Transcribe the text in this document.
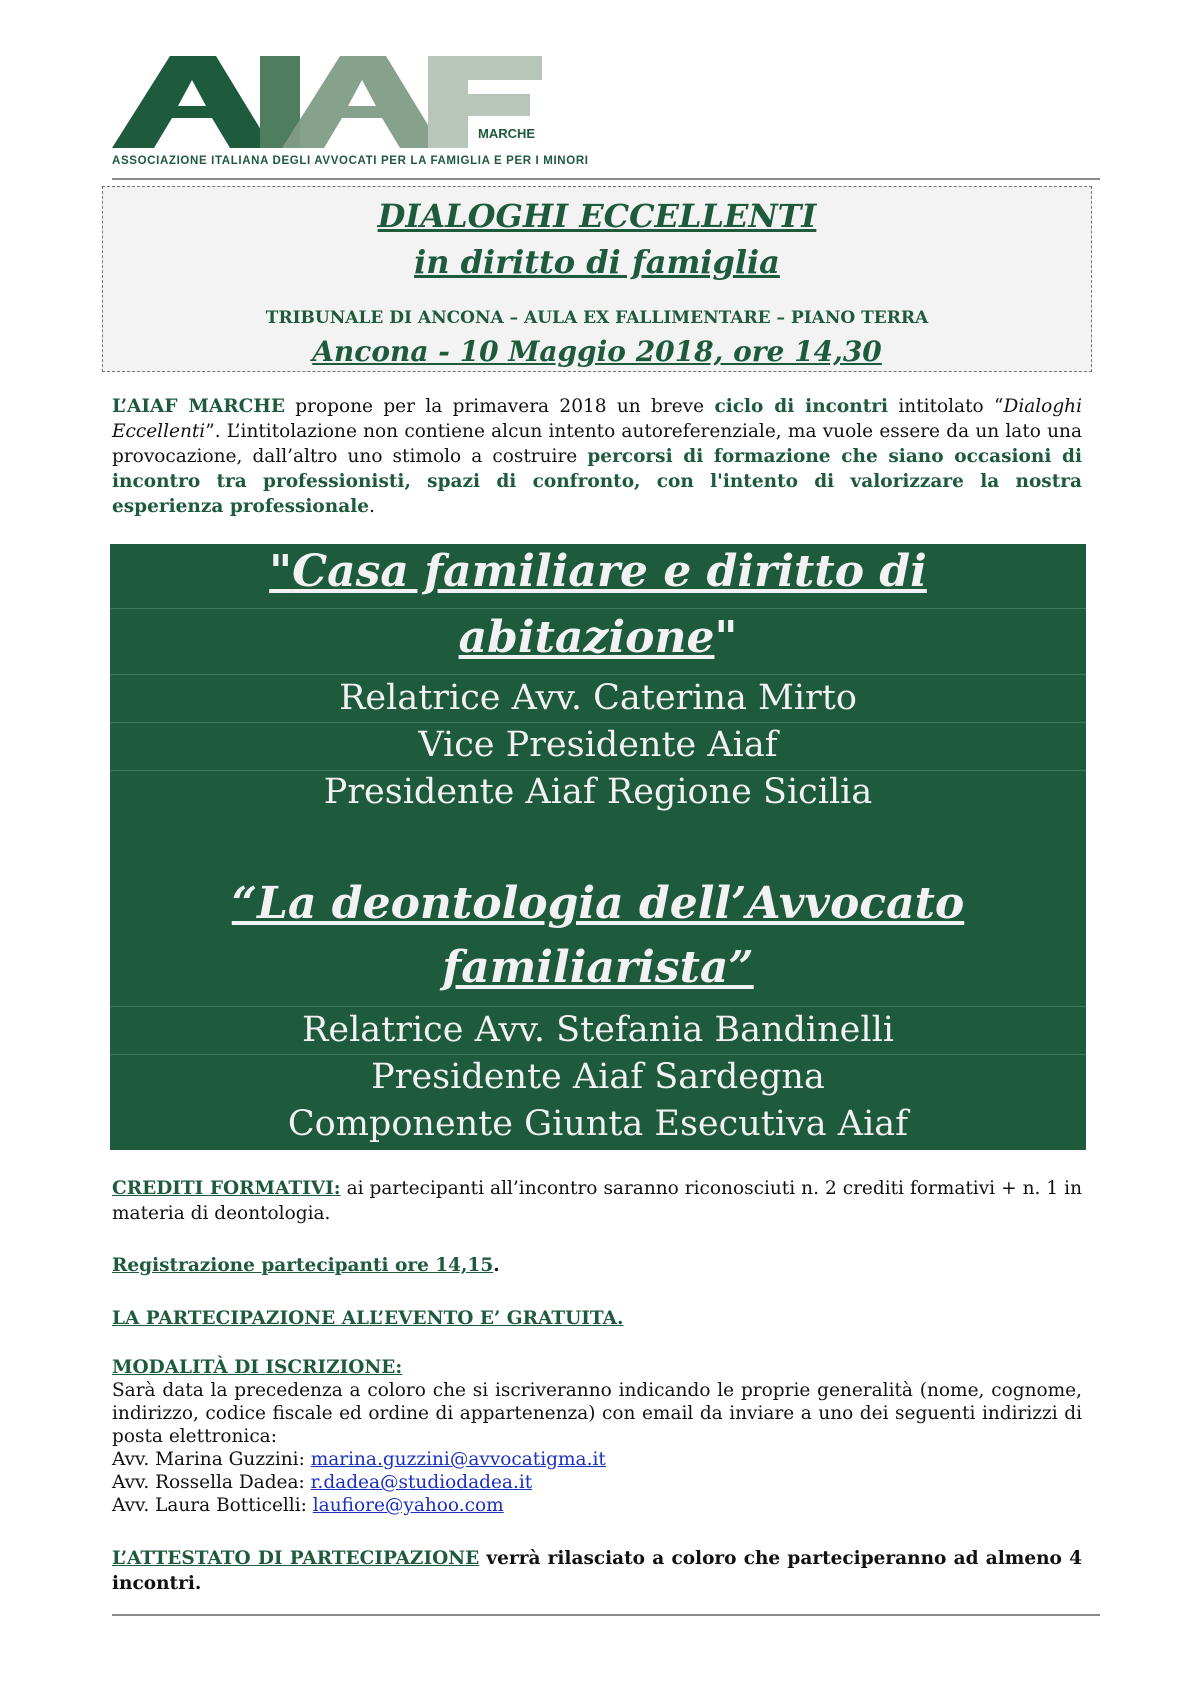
MARCHE
ASSOCIAZIONE ITALIANA DEGLI AVVOCATI PER LA FAMIGLIA E PER I MINORI
DIALOGHI ECCELLENTI
in diritto di famiglia
TRIBUNALE DI ANCONA – AULA EX FALLIMENTARE – PIANO TERRA
Ancona - 10 Maggio 2018, ore 14,30
L’AIAF MARCHE propone per la primavera 2018 un breve ciclo di incontri intitolato “Dialoghi Eccellenti”. L’intitolazione non contiene alcun intento autoreferenziale, ma vuole essere da un lato una provocazione, dall’altro uno stimolo a costruire percorsi di formazione che siano occasioni di incontro tra professionisti, spazi di confronto, con l'intento di valorizzare la nostra esperienza professionale.
"Casa familiare e diritto di
abitazione"
Relatrice Avv. Caterina Mirto
Vice Presidente Aiaf
Presidente Aiaf Regione Sicilia
“La deontologia dell’Avvocato
familiarista”
Relatrice Avv. Stefania Bandinelli
Presidente Aiaf Sardegna
Componente Giunta Esecutiva Aiaf
CREDITI FORMATIVI: ai partecipanti all’incontro saranno riconosciuti n. 2 crediti formativi + n. 1 in materia di deontologia.
Registrazione partecipanti ore 14,15.
LA PARTECIPAZIONE ALL’EVENTO E’ GRATUITA.
MODALITÀ DI ISCRIZIONE:
Sarà data la precedenza a coloro che si iscriveranno indicando le proprie generalità (nome, cognome, indirizzo, codice fiscale ed ordine di appartenenza) con email da inviare a uno dei seguenti indirizzi di posta elettronica:
Avv. Marina Guzzini: marina.guzzini@avvocatigma.it
Avv. Rossella Dadea: r.dadea@studiodadea.it
Avv. Laura Botticelli: laufiore@yahoo.com
L’ATTESTATO DI PARTECIPAZIONE verrà rilasciato a coloro che parteciperanno ad almeno 4 incontri.
